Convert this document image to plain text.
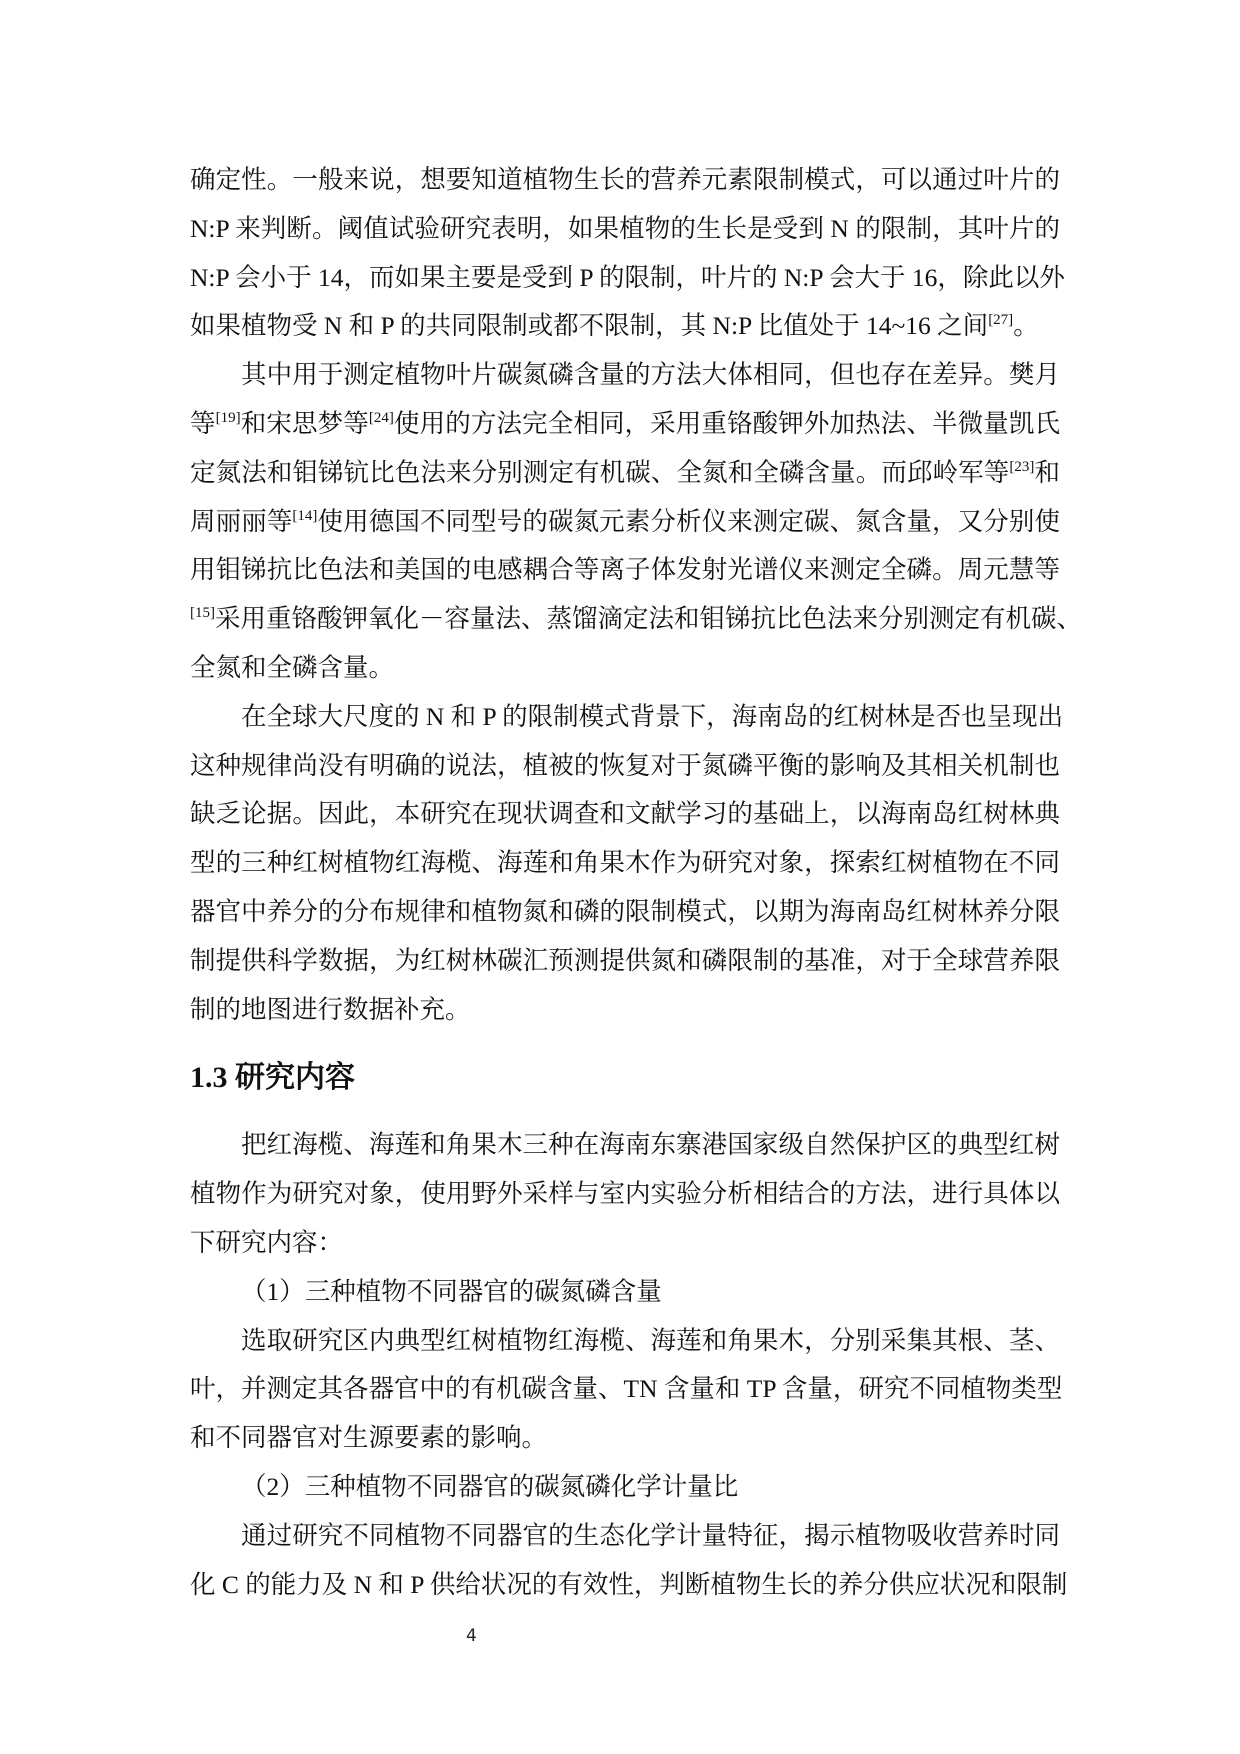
确定性。一般来说，想要知道植物生长的营养元素限制模式，可以通过叶片的
N:P 来判断。阈值试验研究表明，如果植物的生长是受到 N 的限制，其叶片的
N:P 会小于 14，而如果主要是受到 P 的限制，叶片的 N:P 会大于 16，除此以外
如果植物受 N 和 P 的共同限制或都不限制，其 N:P 比值处于 14~16 之间[27]。
其中用于测定植物叶片碳氮磷含量的方法大体相同，但也存在差异。樊月
等[19]和宋思梦等[24]使用的方法完全相同，采用重铬酸钾外加热法、半微量凯氏
定氮法和钼锑钪比色法来分别测定有机碳、全氮和全磷含量。而邱岭军等[23]和
周丽丽等[14]使用德国不同型号的碳氮元素分析仪来测定碳、氮含量，又分别使
用钼锑抗比色法和美国的电感耦合等离子体发射光谱仪来测定全磷。周元慧等
[15]采用重铬酸钾氧化－容量法、蒸馏滴定法和钼锑抗比色法来分别测定有机碳、
全氮和全磷含量。
在全球大尺度的 N 和 P 的限制模式背景下，海南岛的红树林是否也呈现出
这种规律尚没有明确的说法，植被的恢复对于氮磷平衡的影响及其相关机制也
缺乏论据。因此，本研究在现状调查和文献学习的基础上，以海南岛红树林典
型的三种红树植物红海榄、海莲和角果木作为研究对象，探索红树植物在不同
器官中养分的分布规律和植物氮和磷的限制模式，以期为海南岛红树林养分限
制提供科学数据，为红树林碳汇预测提供氮和磷限制的基准，对于全球营养限
制的地图进行数据补充。
1.3 研究内容
把红海榄、海莲和角果木三种在海南东寨港国家级自然保护区的典型红树
植物作为研究对象，使用野外采样与室内实验分析相结合的方法，进行具体以
下研究内容：
（1）三种植物不同器官的碳氮磷含量
选取研究区内典型红树植物红海榄、海莲和角果木，分别采集其根、茎、
叶，并测定其各器官中的有机碳含量、TN 含量和 TP 含量，研究不同植物类型
和不同器官对生源要素的影响。
（2）三种植物不同器官的碳氮磷化学计量比
通过研究不同植物不同器官的生态化学计量特征，揭示植物吸收营养时同
化 C 的能力及 N 和 P 供给状况的有效性，判断植物生长的养分供应状况和限制
4
